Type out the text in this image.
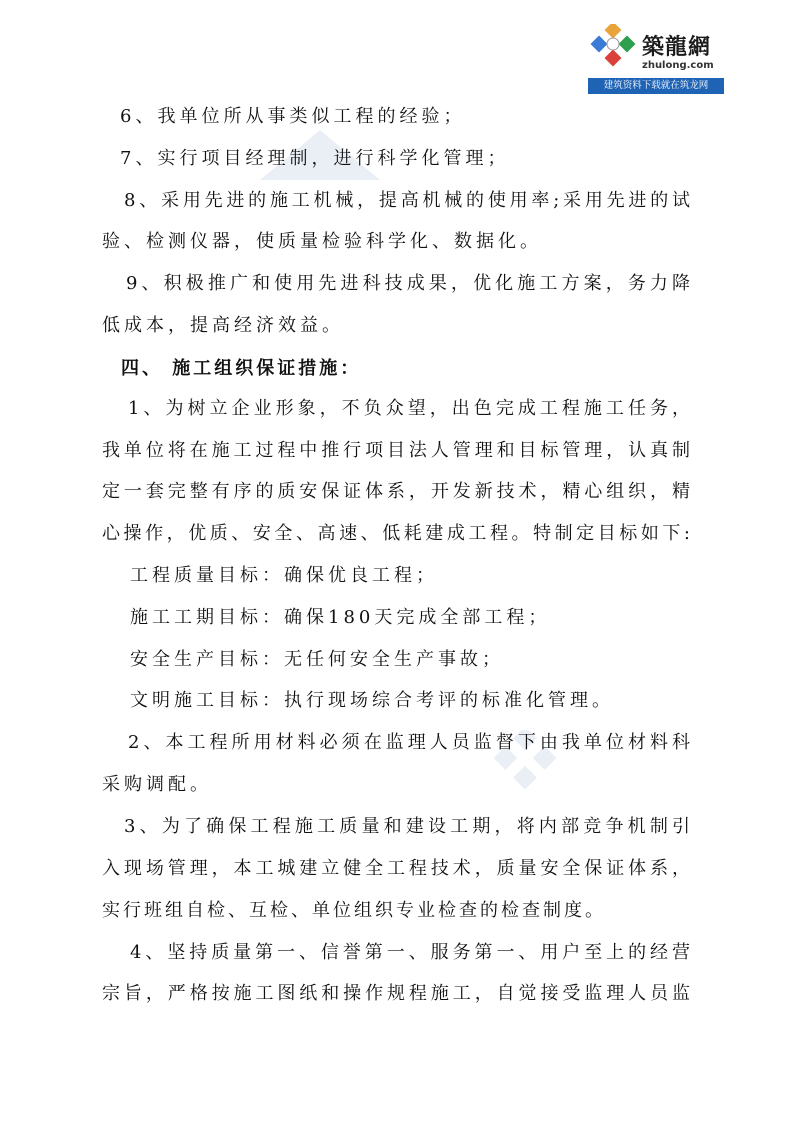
築龍網
zhulong.com
建筑资料下载就在筑龙网
6、我单位所从事类似工程的经验；
7、实行项目经理制，进行科学化管理；
8、采用先进的施工机械，提高机械的使用率;采用先进的试
验、检测仪器，使质量检验科学化、数据化。
9、积极推广和使用先进科技成果，优化施工方案，务力降
低成本，提高经济效益。
四、 施工组织保证措施：
1、为树立企业形象，不负众望，出色完成工程施工任务，
我单位将在施工过程中推行项目法人管理和目标管理，认真制
定一套完整有序的质安保证体系，开发新技术，精心组织，精
心操作，优质、安全、高速、低耗建成工程。特制定目标如下:
工程质量目标：确保优良工程；
施工工期目标：确保180天完成全部工程；
安全生产目标：无任何安全生产事故；
文明施工目标：执行现场综合考评的标准化管理。
2、本工程所用材料必须在监理人员监督下由我单位材料科
采购调配。
3、为了确保工程施工质量和建设工期，将内部竞争机制引
入现场管理，本工城建立健全工程技术，质量安全保证体系，
实行班组自检、互检、单位组织专业检查的检查制度。
4、坚持质量第一、信誉第一、服务第一、用户至上的经营
宗旨，严格按施工图纸和操作规程施工，自觉接受监理人员监
